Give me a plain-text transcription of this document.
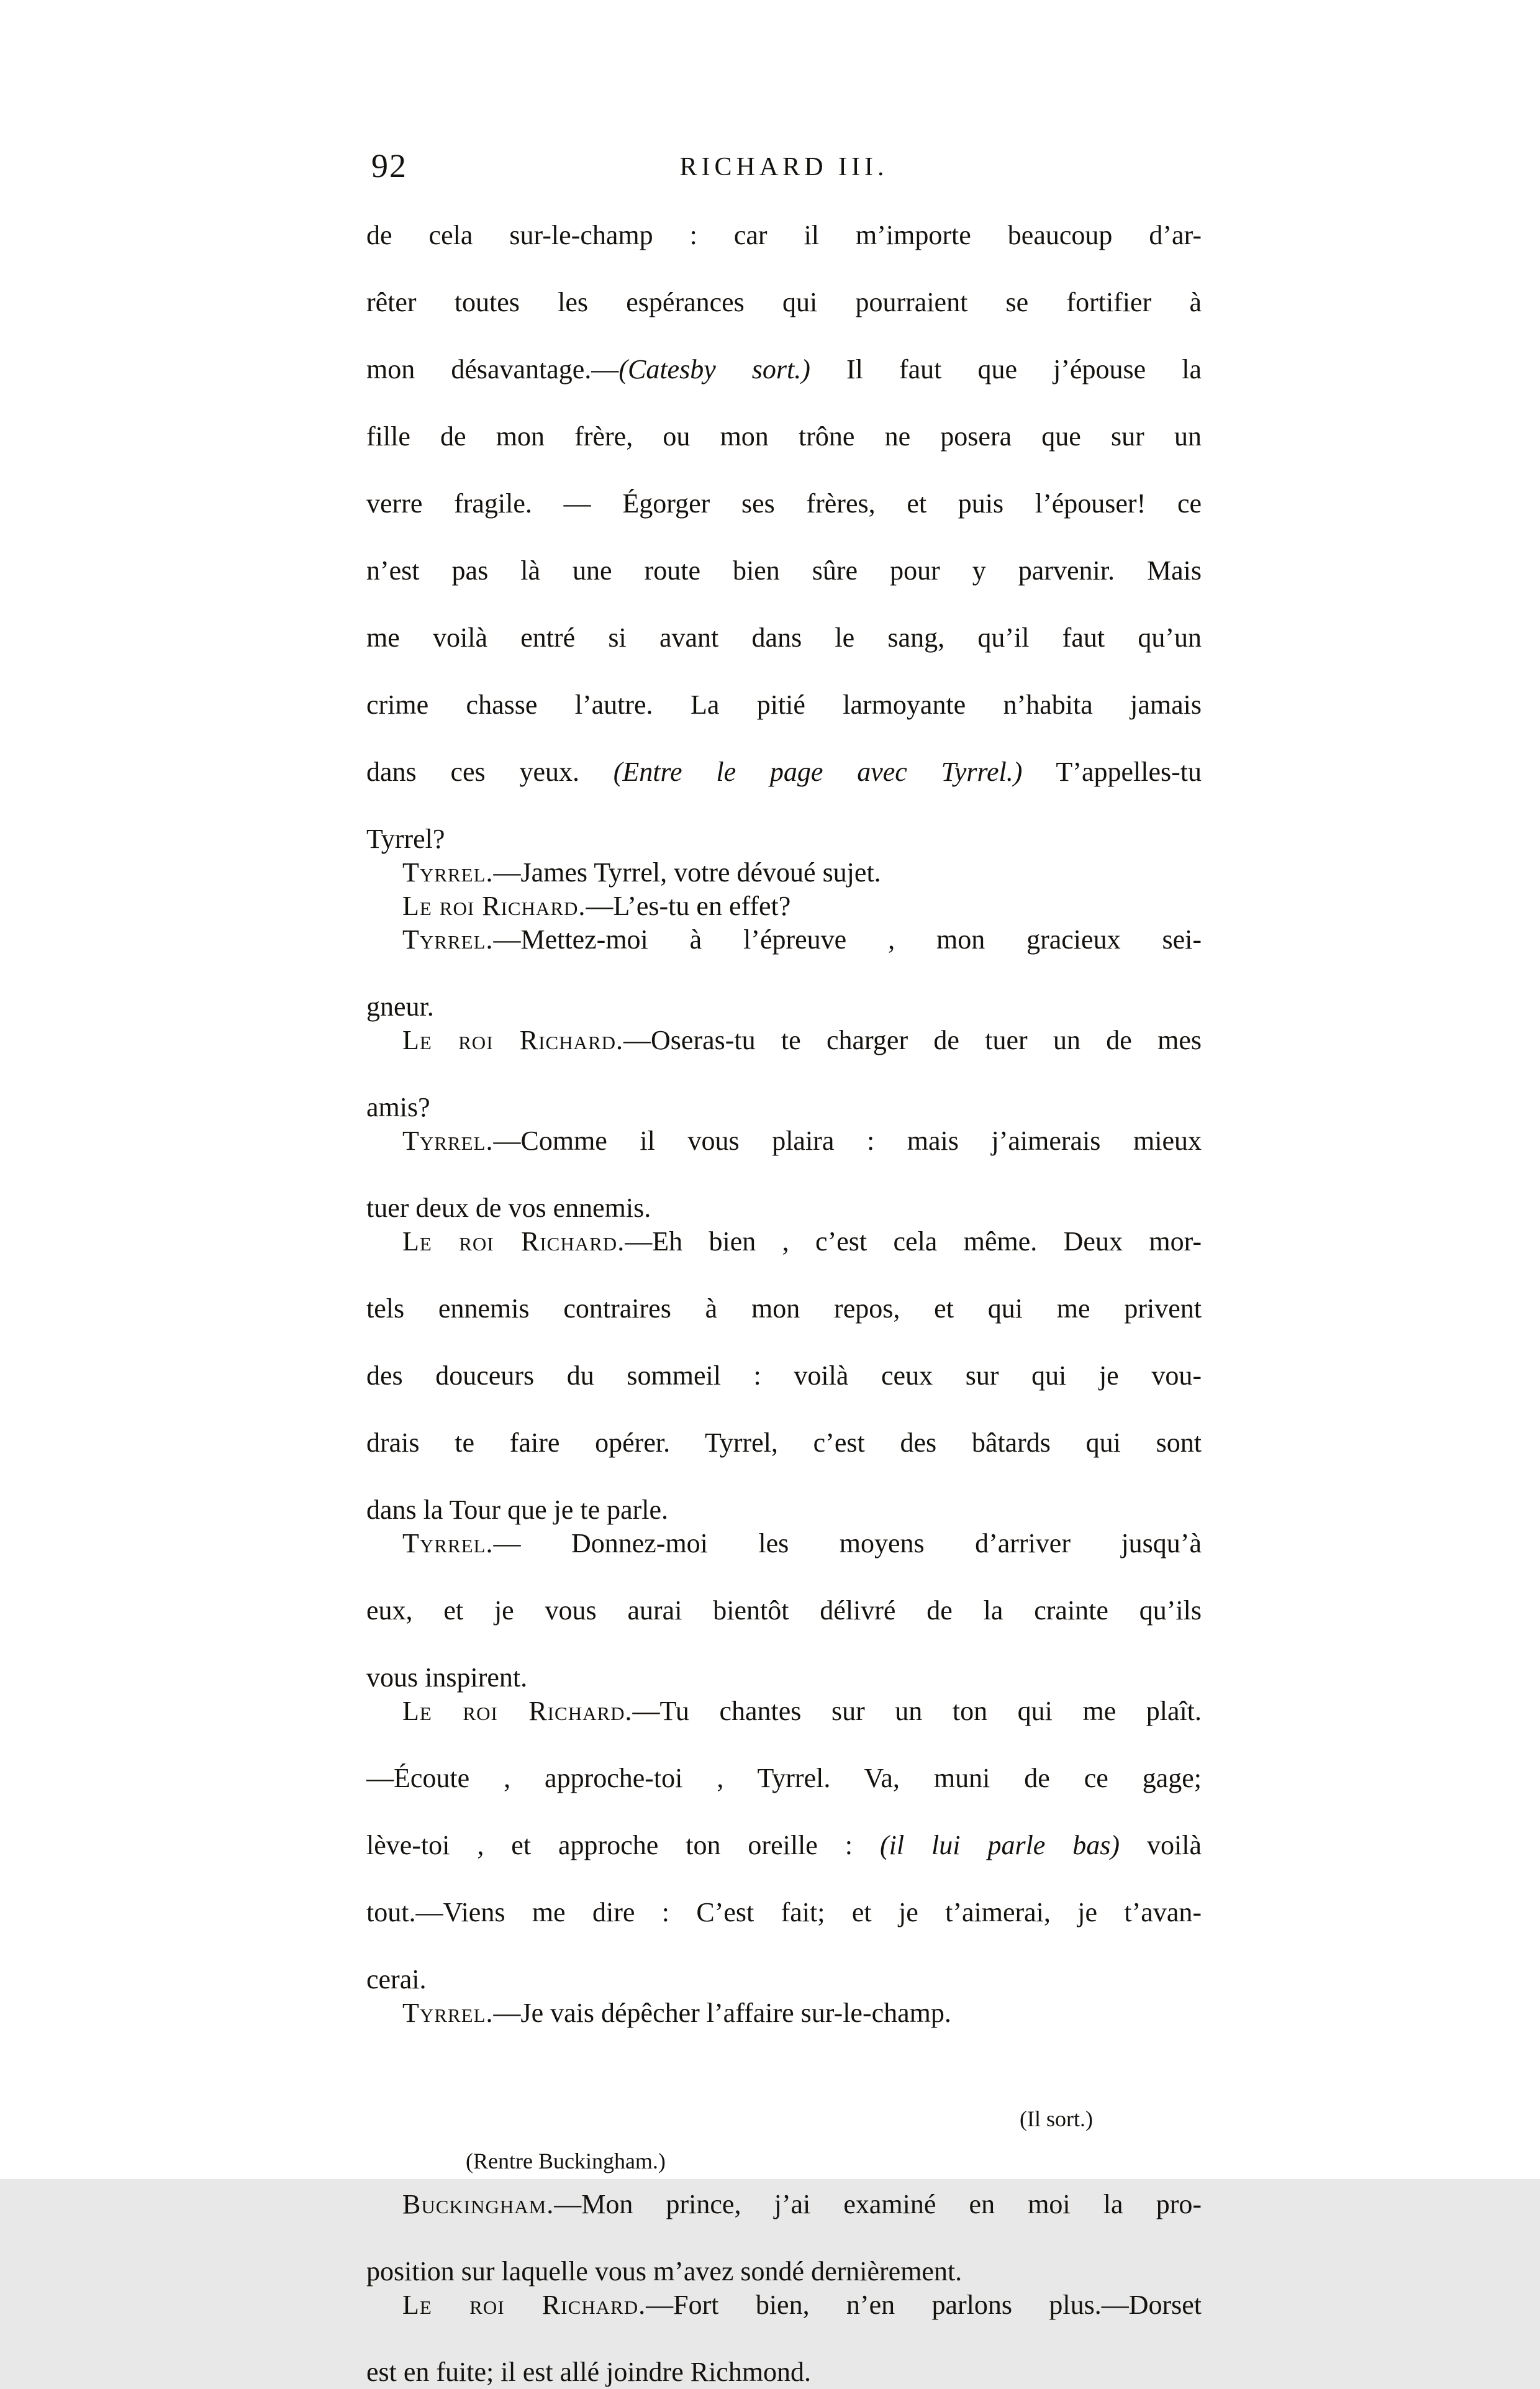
92	RICHARD III.
de cela sur-le-champ : car il m’importe beaucoup d’ar-
rêter toutes les espérances qui pourraient se fortifier à
mon désavantage.—(Catesby sort.) Il faut que j’épouse la
fille de mon frère, ou mon trône ne posera que sur un
verre fragile. — Égorger ses frères, et puis l’épouser! ce
n’est pas là une route bien sûre pour y parvenir. Mais
me voilà entré si avant dans le sang, qu’il faut qu’un
crime chasse l’autre. La pitié larmoyante n’habita jamais
dans ces yeux. (Entre le page avec Tyrrel.) T’appelles-tu
Tyrrel?
Tyrrel.—James Tyrrel, votre dévoué sujet.
Le roi Richard.—L’es-tu en effet?
Tyrrel.—Mettez-moi à l’épreuve , mon gracieux sei-
gneur.
Le roi Richard.—Oseras-tu te charger de tuer un de mes
amis?
Tyrrel.—Comme il vous plaira : mais j’aimerais mieux
tuer deux de vos ennemis.
Le roi Richard.—Eh bien , c’est cela même. Deux mor-
tels ennemis contraires à mon repos, et qui me privent
des douceurs du sommeil : voilà ceux sur qui je vou-
drais te faire opérer. Tyrrel, c’est des bâtards qui sont
dans la Tour que je te parle.
Tyrrel.— Donnez-moi les moyens d’arriver jusqu’à
eux, et je vous aurai bientôt délivré de la crainte qu’ils
vous inspirent.
Le roi Richard.—Tu chantes sur un ton qui me plaît.
—Écoute , approche-toi , Tyrrel. Va, muni de ce gage;
lève-toi , et approche ton oreille : (il lui parle bas) voilà
tout.—Viens me dire : C’est fait; et je t’aimerai, je t’avan-
cerai.
Tyrrel.—Je vais dépêcher l’affaire sur-le-champ.
(Il sort.)
(Rentre Buckingham.)
Buckingham.—Mon prince, j’ai examiné en moi la pro-
position sur laquelle vous m’avez sondé dernièrement.
Le roi Richard.—Fort bien, n’en parlons plus.—Dorset
est en fuite; il est allé joindre Richmond.
